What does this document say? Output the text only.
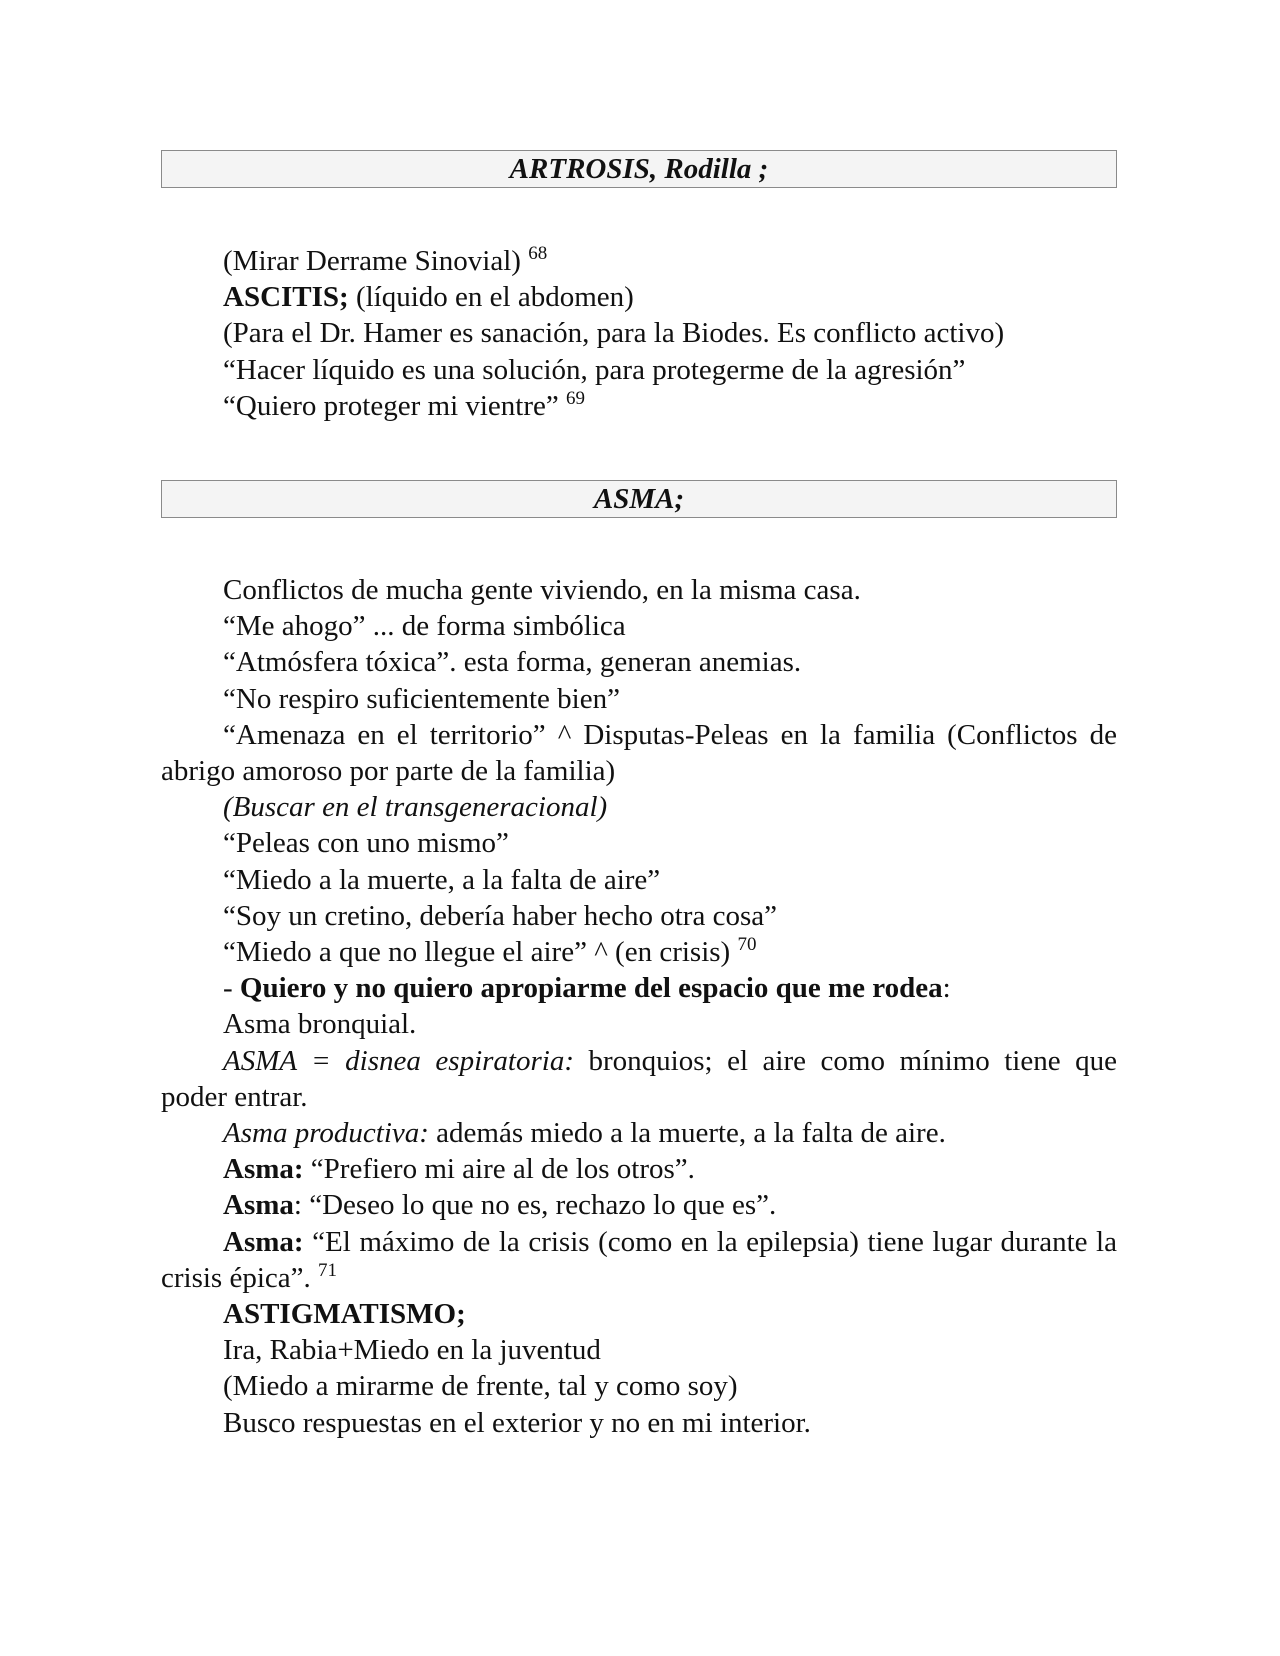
ARTROSIS, Rodilla ;

(Mirar Derrame Sinovial) $^{68}$

ASCITIS; (líquido en el abdomen)

(Para el Dr. Hamer es sanación, para la Biodes. Es conflicto activo)

“Hacer líquido es una solución, para protegerme de la agresión”

“Quiero proteger mi vientre” $^{69}$

ASMA;

Conflictos de mucha gente viviendo, en la misma casa.

“Me ahogo” ... de forma simbólica

“Atmósfera tóxica”. esta forma, generan anemias.

“No respiro suficientemente bien”

“Amenaza en el territorio” ^ Disputas-Peleas en la familia (Conflictos de abrigo amoroso por parte de la familia)

(Buscar en el transgeneracional)

“Peleas con uno mismo”

“Miedo a la muerte, a la falta de aire”

“Soy un cretino, debería haber hecho otra cosa”

“Miedo a que no llegue el aire” ^ (en crisis) $^{70}$

- Quiero y no quiero apropiarme del espacio que me rodea:

Asma bronquial.

ASMA = disnea espiratoria: bronquios; el aire como mínimo tiene que poder entrar.

Asma productiva: además miedo a la muerte, a la falta de aire.

Asma: “Prefiero mi aire al de los otros”.

Asma: “Deseo lo que no es, rechazo lo que es”.

Asma: “El máximo de la crisis (como en la epilepsia) tiene lugar durante la crisis épica”. $^{71}$

ASTIGMATISMO;

Ira, Rabia+Miedo en la juventud

(Miedo a mirarme de frente, tal y como soy)

Busco respuestas en el exterior y no en mi interior.
